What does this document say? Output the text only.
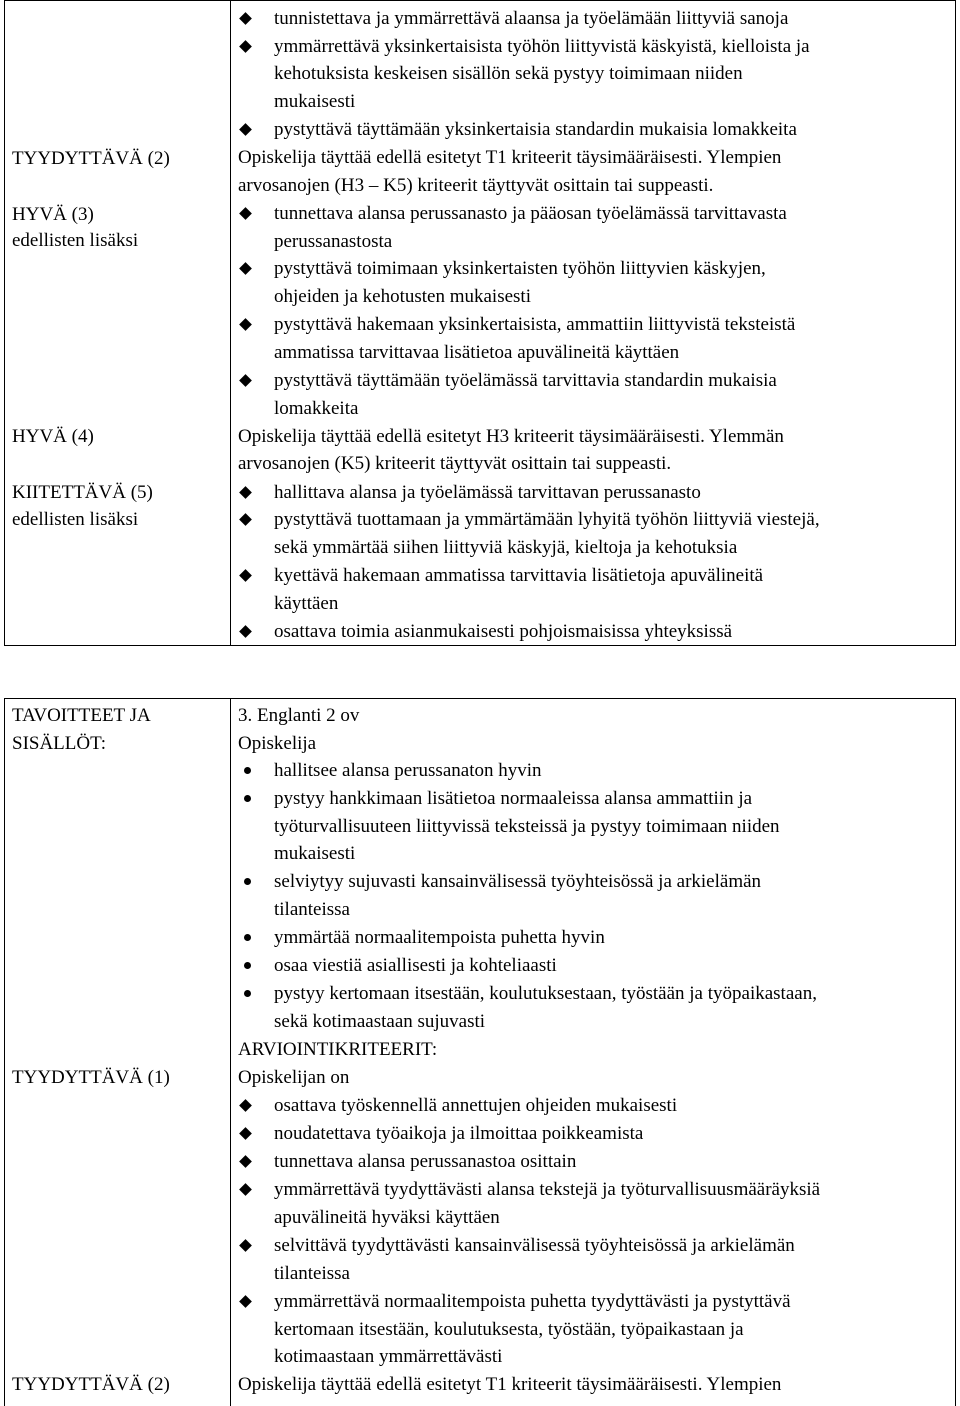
TYYDYTTÄVÄ (2)
HYVÄ (3)
edellisten lisäksi
HYVÄ (4)
KIITETTÄVÄ (5)
edellisten lisäksi
tunnistettava ja ymmärrettävä alaansa ja työelämään liittyviä sanoja
ymmärrettävä yksinkertaisista työhön liittyvistä käskyistä, kielloista ja
kehotuksista keskeisen sisällön sekä pystyy toimimaan niiden
mukaisesti
pystyttävä täyttämään yksinkertaisia standardin mukaisia lomakkeita
Opiskelija täyttää edellä esitetyt T1 kriteerit täysimääräisesti. Ylempien
arvosanojen (H3 – K5) kriteerit täyttyvät osittain tai suppeasti.
tunnettava alansa perussanasto ja pääosan työelämässä tarvittavasta
perussanastosta
pystyttävä toimimaan yksinkertaisten työhön liittyvien käskyjen,
ohjeiden ja kehotusten mukaisesti
pystyttävä hakemaan yksinkertaisista, ammattiin liittyvistä teksteistä
ammatissa tarvittavaa lisätietoa apuvälineitä käyttäen
pystyttävä täyttämään työelämässä tarvittavia standardin mukaisia
lomakkeita
Opiskelija täyttää edellä esitetyt H3 kriteerit täysimääräisesti. Ylemmän
arvosanojen (K5) kriteerit täyttyvät osittain tai suppeasti.
hallittava alansa ja työelämässä tarvittavan perussanasto
pystyttävä tuottamaan ja ymmärtämään lyhyitä työhön liittyviä viestejä,
sekä ymmärtää siihen liittyviä käskyjä, kieltoja ja kehotuksia
kyettävä hakemaan ammatissa tarvittavia lisätietoja apuvälineitä
käyttäen
osattava toimia asianmukaisesti pohjoismaisissa yhteyksissä
TAVOITTEET JA
SISÄLLÖT:
TYYDYTTÄVÄ (1)
TYYDYTTÄVÄ (2)
3. Englanti 2 ov
Opiskelija
hallitsee alansa perussanaton hyvin
pystyy hankkimaan lisätietoa normaaleissa alansa ammattiin ja
työturvallisuuteen liittyvissä teksteissä ja pystyy toimimaan niiden
mukaisesti
selviytyy sujuvasti kansainvälisessä työyhteisössä ja arkielämän
tilanteissa
ymmärtää normaalitempoista puhetta hyvin
osaa viestiä asiallisesti ja kohteliaasti
pystyy kertomaan itsestään, koulutuksestaan, työstään ja työpaikastaan,
sekä kotimaastaan sujuvasti
ARVIOINTIKRITEERIT:
Opiskelijan on
osattava työskennellä annettujen ohjeiden mukaisesti
noudatettava työaikoja ja ilmoittaa poikkeamista
tunnettava alansa perussanastoa osittain
ymmärrettävä tyydyttävästi alansa tekstejä ja työturvallisuusmääräyksiä
apuvälineitä hyväksi käyttäen
selvittävä tyydyttävästi kansainvälisessä työyhteisössä ja arkielämän
tilanteissa
ymmärrettävä normaalitempoista puhetta tyydyttävästi ja pystyttävä
kertomaan itsestään, koulutuksesta, työstään, työpaikastaan ja
kotimaastaan ymmärrettävästi
Opiskelija täyttää edellä esitetyt T1 kriteerit täysimääräisesti. Ylempien
